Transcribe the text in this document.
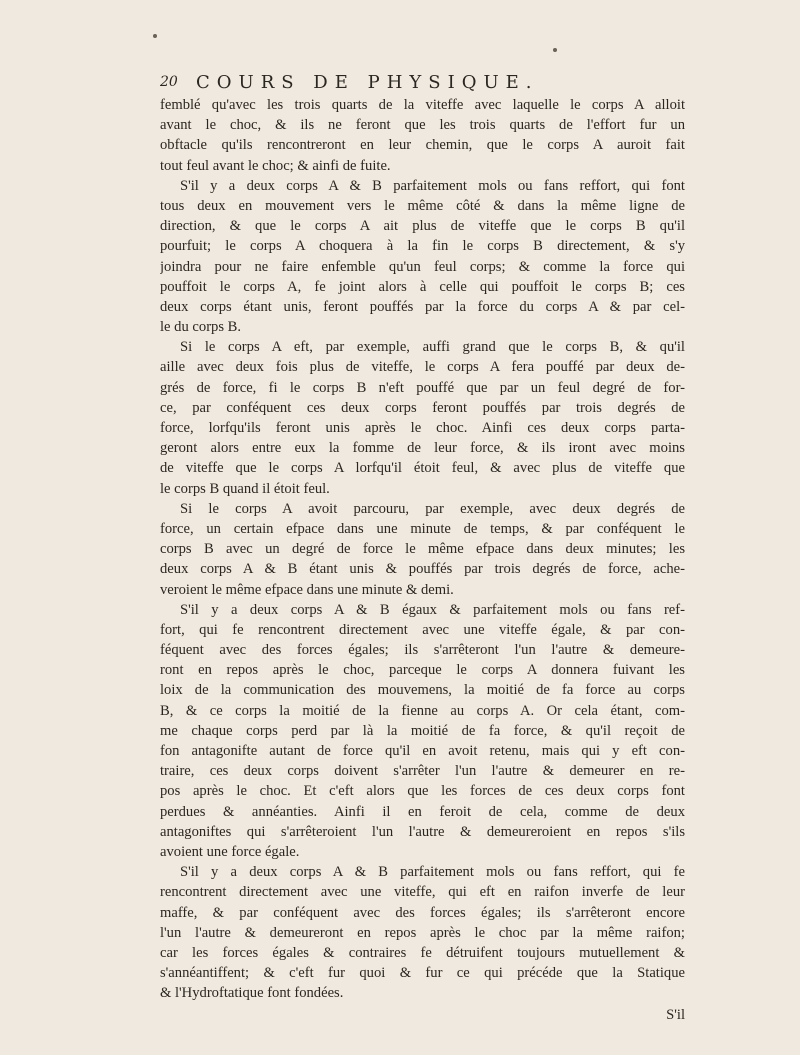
20 COURS DE PHYSIQUE.
femblé qu'avec les trois quarts de la viteffe avec laquelle le corps A alloit
avant le choc, & ils ne feront que les trois quarts de l'effort fur un
obftacle qu'ils rencontreront en leur chemin, que le corps A auroit fait
tout feul avant le choc; & ainfi de fuite.
S'il y a deux corps A & B parfaitement mols ou fans reffort, qui font
tous deux en mouvement vers le même côté & dans la même ligne de
direction, & que le corps A ait plus de viteffe que le corps B qu'il
pourfuit; le corps A choquera à la fin le corps B directement, & s'y
joindra pour ne faire enfemble qu'un feul corps; & comme la force qui
pouffoit le corps A, fe joint alors à celle qui pouffoit le corps B; ces
deux corps étant unis, feront pouffés par la force du corps A & par cel-
le du corps B.
Si le corps A eft, par exemple, auffi grand que le corps B, & qu'il
aille avec deux fois plus de viteffe, le corps A fera pouffé par deux de-
grés de force, fi le corps B n'eft pouffé que par un feul degré de for-
ce, par conféquent ces deux corps feront pouffés par trois degrés de
force, lorfqu'ils feront unis après le choc. Ainfi ces deux corps parta-
geront alors entre eux la fomme de leur force, & ils iront avec moins
de viteffe que le corps A lorfqu'il étoit feul, & avec plus de viteffe que
le corps B quand il étoit feul.
Si le corps A avoit parcouru, par exemple, avec deux degrés de
force, un certain efpace dans une minute de temps, & par conféquent le
corps B avec un degré de force le même efpace dans deux minutes; les
deux corps A & B étant unis & pouffés par trois degrés de force, ache-
veroient le même efpace dans une minute & demi.
S'il y a deux corps A & B égaux & parfaitement mols ou fans ref-
fort, qui fe rencontrent directement avec une viteffe égale, & par con-
féquent avec des forces égales; ils s'arrêteront l'un l'autre & demeure-
ront en repos après le choc, parceque le corps A donnera fuivant les
loix de la communication des mouvemens, la moitié de fa force au corps
B, & ce corps la moitié de la fienne au corps A. Or cela étant, com-
me chaque corps perd par là la moitié de fa force, & qu'il reçoit de
fon antagonifte autant de force qu'il en avoit retenu, mais qui y eft con-
traire, ces deux corps doivent s'arrêter l'un l'autre & demeurer en re-
pos après le choc. Et c'eft alors que les forces de ces deux corps font
perdues & annéanties. Ainfi il en feroit de cela, comme de deux
antagoniftes qui s'arrêteroient l'un l'autre & demeureroient en repos s'ils
avoient une force égale.
S'il y a deux corps A & B parfaitement mols ou fans reffort, qui fe
rencontrent directement avec une viteffe, qui eft en raifon inverfe de leur
maffe, & par conféquent avec des forces égales; ils s'arrêteront encore
l'un l'autre & demeureront en repos après le choc par la même raifon;
car les forces égales & contraires fe détruifent toujours mutuellement &
s'annéantiffent; & c'eft fur quoi & fur ce qui précéde que la Statique
& l'Hydroftatique font fondées.
S'il
